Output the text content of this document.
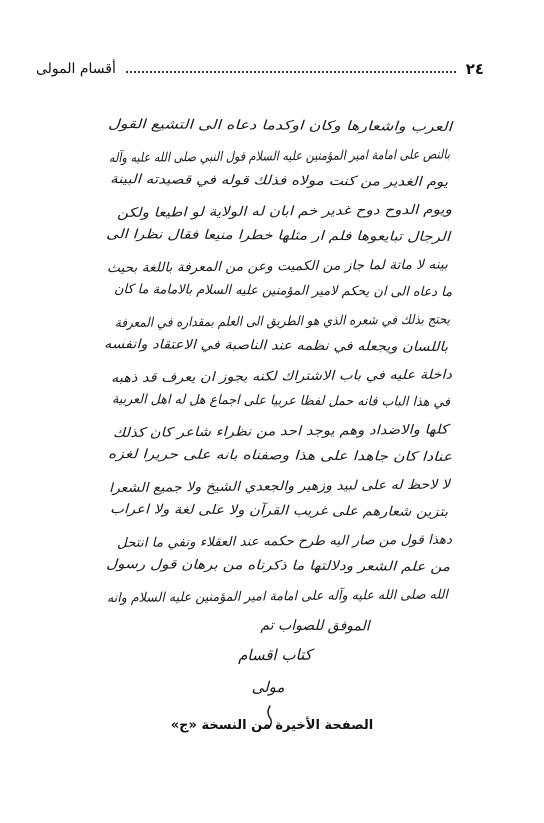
٢٤
أقسام المولى
العرب واشعارها وكان اوكدما دعاه الى التشيع القول
بالنص على امامة امير المؤمنين عليه السلام قول النبي صلى الله عليه وآله
يوم الغدير من كنت مولاه فذلك قوله في قصيدته البينة
ويوم الدوح دوح غدير خم ابان له الولاية لو اطيعا ولكن
الرجال تبايعوها فلم ار مثلها خطرا منيعا فقال نظرا الى
بينه لا ماتة لما جاز من الكميت وعن من المعرفة باللغة بحيث
ما دعاه الى ان يحكم لامير المؤمنين عليه السلام بالامامة ما كان
يحتج بذلك في شعره الذي هو الطريق الى العلم بمقداره في المعرفة
باللسان ويجعله في نظمه عند الناصبة في الاعتقاد وانفسه
داخلة عليه في باب الاشتراك لكنه يجوز ان يعرف قد ذهبه
في هذا الباب فانه حمل لفظا عربيا على اجماع هل له اهل العربية
كلها والاضداد وهم يوجد احد من نظراء شاعر كان كذلك
عنادا كان جاهدا على هذا وصفناه بانه على حريرا لغزه
لا لاحظ له على لبيد وزهير والجعدي الشيخ ولا جميع الشعرا
بتزين شعارهم على غريب القرآن ولا على لغة ولا اعراب
دهذا قول من صار اليه طرح حكمه عند العقلاء ونفي ما انتحل
من علم الشعر ودلالتها ما ذكرناه من برهان قول رسول
الله صلى الله عليه وآله على امامة امير المؤمنين عليه السلام وانه
الموفق للصواب تم
كتاب اقسام
مولى
الصفحة الأخيرة من النسخة «ج»
